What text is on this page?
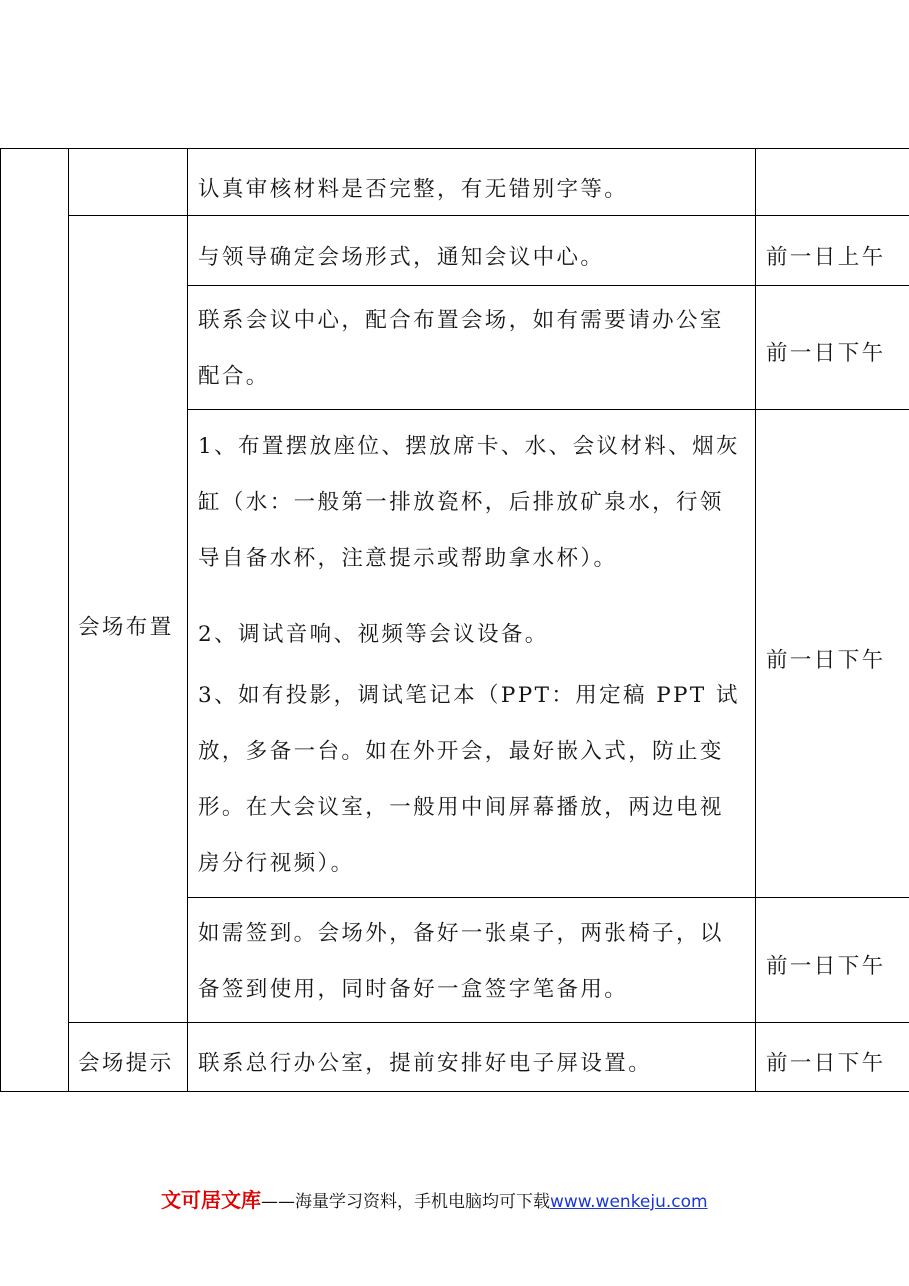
会场布置
会场提示
认真审核材料是否完整，有无错别字等。
与领导确定会场形式，通知会议中心。	前一日上午
联系会议中心，配合布置会场，如有需要请办公室
配合。
前一日下午
1、布置摆放座位、摆放席卡、水、会议材料、烟灰
缸（水：一般第一排放瓷杯，后排放矿泉水，行领
导自备水杯，注意提示或帮助拿水杯）。
2、调试音响、视频等会议设备。
3、如有投影，调试笔记本（PPT：用定稿 PPT 试
放，多备一台。如在外开会，最好嵌入式，防止变
形。在大会议室，一般用中间屏幕播放，两边电视
房分行视频）。
前一日下午
如需签到。会场外，备好一张桌子，两张椅子，以
备签到使用，同时备好一盒签字笔备用。
前一日下午
联系总行办公室，提前安排好电子屏设置。	前一日下午
文可居文库——海量学习资料，手机电脑均可下载www.wenkeju.com
